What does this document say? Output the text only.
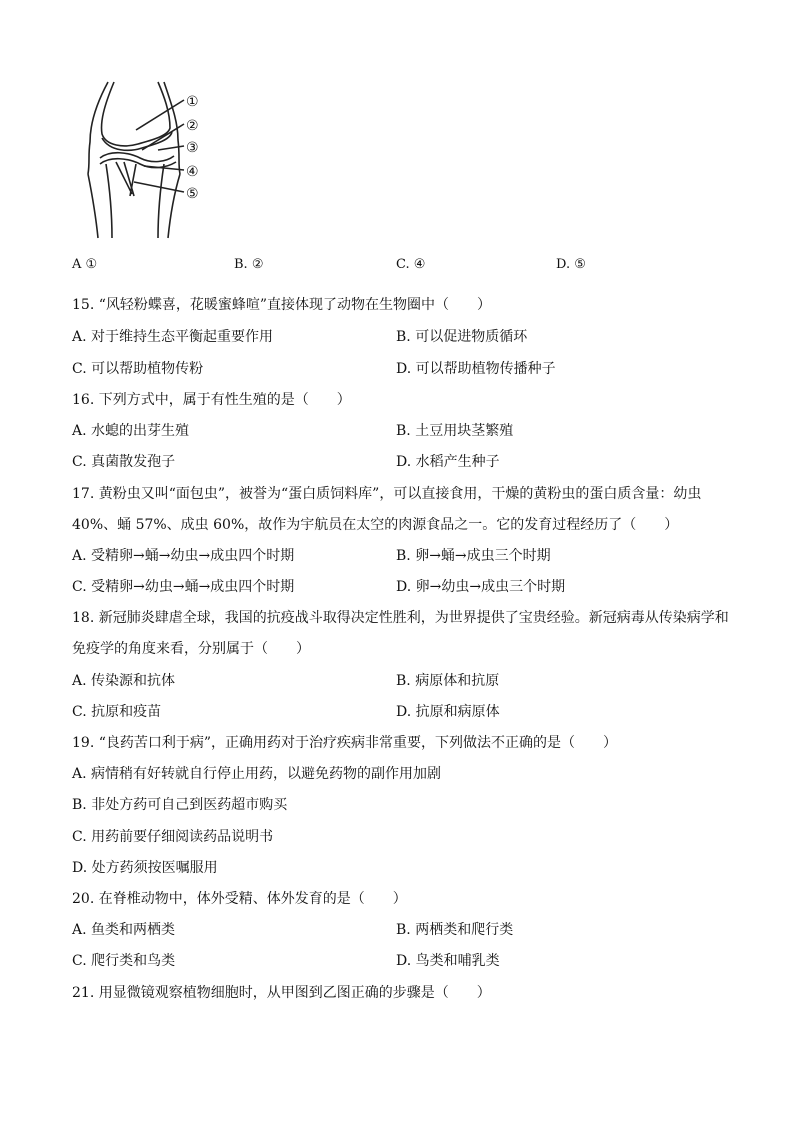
①
②
③
④
⑤
A ①	B. ②	C. ④	D. ⑤
15. “风轻粉蝶喜，花暖蜜蜂喧”直接体现了动物在生物圈中（　　）
A. 对于维持生态平衡起重要作用	B. 可以促进物质循环
C. 可以帮助植物传粉	D. 可以帮助植物传播种子
16. 下列方式中，属于有性生殖的是（　　）
A. 水螅的出芽生殖	B. 土豆用块茎繁殖
C. 真菌散发孢子	D. 水稻产生种子
17. 黄粉虫又叫“面包虫”，被誉为“蛋白质饲料库”，可以直接食用，干燥的黄粉虫的蛋白质含量：幼虫
40%、蛹 57%、成虫 60%，故作为宇航员在太空的肉源食品之一。它的发育过程经历了（　　）
A. 受精卵→蛹→幼虫→成虫四个时期	B. 卵→蛹→成虫三个时期
C. 受精卵→幼虫→蛹→成虫四个时期	D. 卵→幼虫→成虫三个时期
18. 新冠肺炎肆虐全球，我国的抗疫战斗取得决定性胜利，为世界提供了宝贵经验。新冠病毒从传染病学和
免疫学的角度来看，分别属于（　　）
A. 传染源和抗体	B. 病原体和抗原
C. 抗原和疫苗	D. 抗原和病原体
19. “良药苦口利于病”，正确用药对于治疗疾病非常重要，下列做法不正确的是（　　）
A. 病情稍有好转就自行停止用药，以避免药物的副作用加剧
B. 非处方药可自己到医药超市购买
C. 用药前要仔细阅读药品说明书
D. 处方药须按医嘱服用
20. 在脊椎动物中，体外受精、体外发育的是（　　）
A. 鱼类和两栖类	B. 两栖类和爬行类
C. 爬行类和鸟类	D. 鸟类和哺乳类
21. 用显微镜观察植物细胞时，从甲图到乙图正确的步骤是（　　）
